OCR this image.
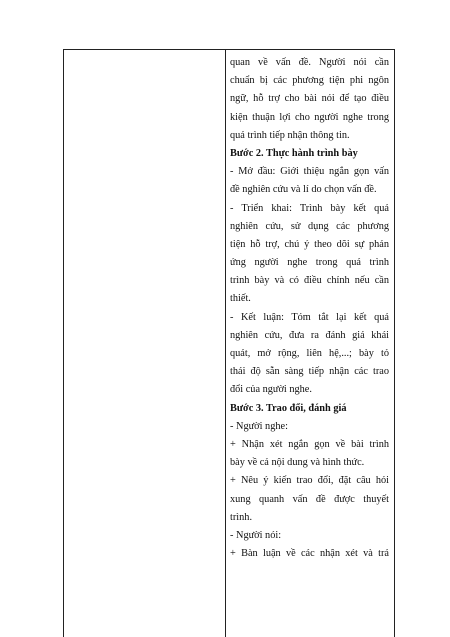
quan về vấn đề. Người nói cần
chuẩn bị các phương tiện phi ngôn
ngữ, hỗ trợ cho bài nói để tạo điều
kiện thuận lợi cho người nghe trong
quá trình tiếp nhận thông tin.
Bước 2. Thực hành trình bày
- Mở đầu: Giới thiệu ngắn gọn vấn
đề nghiên cứu và lí do chọn vấn đề.
- Triển khai: Trình bày kết quả
nghiên cứu, sử dụng các phương
tiện hỗ trợ, chú ý theo dõi sự phản
ứng người nghe trong quá trình
trình bày và có điều chỉnh nếu cần
thiết.
- Kết luận: Tóm tắt lại kết quả
nghiên cứu, đưa ra đánh giá khái
quát, mở rộng, liên hệ,...; bày tỏ
thái độ sẵn sàng tiếp nhận các trao
đổi của người nghe.
Bước 3. Trao đổi, đánh giá
- Người nghe:
+ Nhận xét ngắn gọn về bài trình
bày về cả nội dung và hình thức.
+ Nêu ý kiến trao đổi, đặt câu hỏi
xung quanh vấn đề được thuyết
trình.
- Người nói:
+ Bàn luận về các nhận xét và trả
